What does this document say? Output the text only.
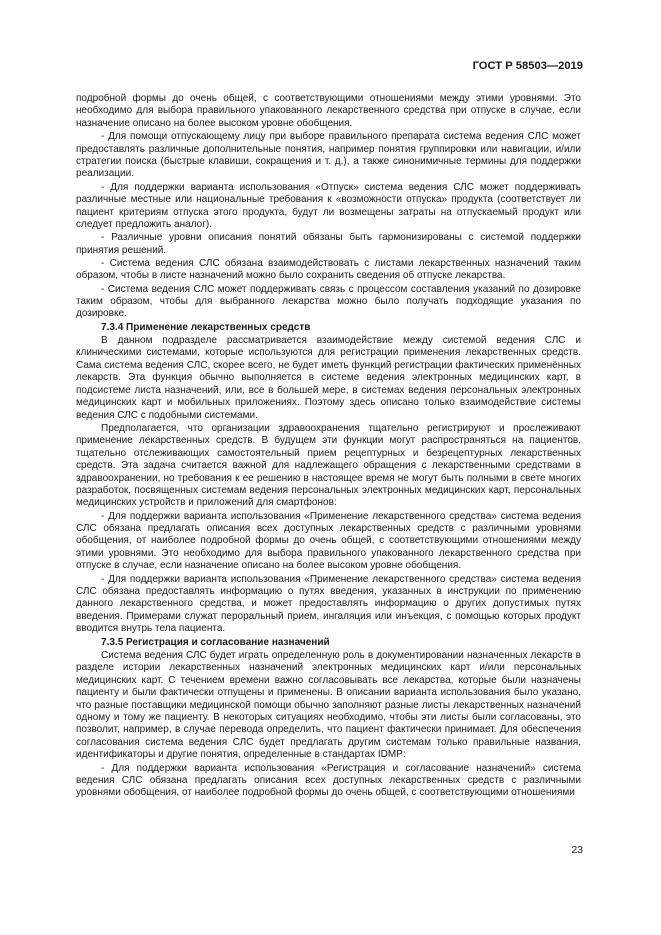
ГОСТ Р 58503—2019

подробной формы до очень общей, с соответствующими отношениями между этими уровнями. Это необходимо для выбора правильного упакованного лекарственного средства при отпуске в случае, если назначение описано на более высоком уровне обобщения.

- Для помощи отпускающему лицу при выборе правильного препарата система ведения СЛС может предоставлять различные дополнительные понятия, например понятия группировки или навигации, и/или стратегии поиска (быстрые клавиши, сокращения и т. д.), а также синонимичные термины для поддержки реализации.

- Для поддержки варианта использования «Отпуск» система ведения СЛС может поддерживать различные местные или национальные требования к «возможности отпуска» продукта (соответствует ли пациент критериям отпуска этого продукта, будут ли возмещены затраты на отпускаемый продукт или следует предложить аналог).

- Различные уровни описания понятий обязаны быть гармонизированы с системой поддержки принятия решений.

- Система ведения СЛС обязана взаимодействовать с листами лекарственных назначений таким образом, чтобы в листе назначений можно было сохранить сведения об отпуске лекарства.

- Система ведения СЛС может поддерживать связь с процессом составления указаний по дозировке таким образом, чтобы для выбранного лекарства можно было получать подходящие указания по дозировке.

7.3.4 Применение лекарственных средств

В данном подразделе рассматривается взаимодействие между системой ведения СЛС и клиническими системами, которые используются для регистрации применения лекарственных средств. Сама система ведения СЛС, скорее всего, не будет иметь функций регистрации фактических применённых лекарств. Эта функция обычно выполняется в системе ведения электронных медицинских карт, в подсистеме листа назначений, или, все в большей мере, в системах ведения персональных электронных медицинских карт и мобильных приложениях. Поэтому здесь описано только взаимодействие системы ведения СЛС с подобными системами.

Предполагается, что организации здравоохранения тщательно регистрируют и прослеживают применение лекарственных средств. В будущем эти функции могут распространяться на пациентов, тщательно отслеживающих самостоятельный прием рецептурных и безрецептурных лекарственных средств. Эта задача считается важной для надлежащего обращения с лекарственными средствами в здравоохранении, но требования к ее решению в настоящее время не могут быть полными в свете многих разработок, посвященных системам ведения персональных электронных медицинских карт, персональных медицинских устройств и приложений для смартфонов:

- Для поддержки варианта использования «Применение лекарственного средства» система ведения СЛС обязана предлагать описания всех доступных лекарственных средств с различными уровнями обобщения, от наиболее подробной формы до очень общей, с соответствующими отношениями между этими уровнями. Это необходимо для выбора правильного упакованного лекарственного средства при отпуске в случае, если назначение описано на более высоком уровне обобщения.

- Для поддержки варианта использования «Применение лекарственного средства» система ведения СЛС обязана предоставлять информацию о путях введения, указанных в инструкции по применению данного лекарственного средства, и может предоставлять информацию о других допустимых путях введения. Примерами служат пероральный прием, ингаляция или инъекция, с помощью которых продукт вводится внутрь тела пациента.

7.3.5 Регистрация и согласование назначений

Система ведения СЛС будет играть определенную роль в документировании назначенных лекарств в разделе истории лекарственных назначений электронных медицинских карт и/или персональных медицинских карт. С течением времени важно согласовывать все лекарства, которые были назначены пациенту и были фактически отпущены и применены. В описании варианта использования было указано, что разные поставщики медицинской помощи обычно заполняют разные листы лекарственных назначений одному и тому же пациенту. В некоторых ситуациях необходимо, чтобы эти листы были согласованы, это позволит, например, в случае перевода определить, что пациент фактически принимает. Для обеспечения согласования система ведения СЛС будет предлагать другим системам только правильные названия, идентификаторы и другие понятия, определенные в стандартах IDMP:

- Для поддержки варианта использования «Регистрация и согласование назначений» система ведения СЛС обязана предлагать описания всех доступных лекарственных средств с различными уровнями обобщения, от наиболее подробной формы до очень общей, с соответствующими отношениями

23
